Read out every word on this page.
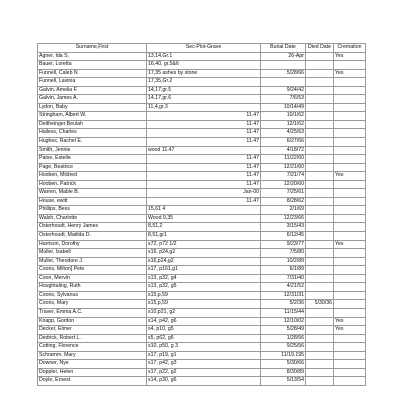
Surname,First	Sec-Plot-Grave	Burial Date	Died Date	Cremation
Agner, Ida S.	13,14,Gr.1	26-Apr		Yes
Bauer, Loretta	16,40, gr.5&6			
Funnell, Caleb N	17,35 ashes by stone	5/28/66		Yes
Funnell, Lavinia	17,35,Gr.2			
Galvin, Amelia F.	14,17,gr.5	9/24/42		
Galvin, James A.	14,17,gr.6	7/6/53		
Lydon, Baby	11,4,gr.3	10/14/49		
Stringham, Albert W.	11.47	10/1/62		
Deitheinger,Beulah	11.47	12/1/62		
Hailess, Charles	11.47	4/25/63		
Hughes, Rachel E.	11.47	6/27/66		
Smith, Jennie	wood 11.47	4/18/72		
Paine, Estelle	11.47	11/22/60		
Page, Beatrice	11.47	12/21/60		
Hooben, Mildred	11.47	7/21/74		Yes
Hooben, Patrick	11.47	12/20/60		
Warren, Mable B.	Jan-00	7/25/61		
House, ewitt	11.47	8/28/62		
Phillips, Bess	15,61 4	2/1/69		
Walsh, Charlotte	Wood 9,35	12/23/66		
Osterhoudt, Henry James	8,51,2	3/15/43		
Osterhoudt, Matilda D.	8,51,gr1	6/12/45		
Harrison, Dorothy	s72, p72 1/2	9/23/77		Yes
Muller, Isabell	s16, p24,g2	7/5/80		
Muller, Theodore J.	s16,p24,g2	10/2/89		
Coons, Milton] Pete	s17, p161,g1	6/1/89		
Coon, Mervin	s13, p32, g4	7/31/40		
Houghtaling, Ruth	s13, p32, g5	4/21/52		
Coons, Sylvanus	s15,p,59	12/31/31		
Coons, Mary	s15,p,59	5/2/36	5/30/36	
Traver, Emma A.C.	s10,p21, g2	11/15/44		
Knapp, Gordon	s14, p42, g6	12/10/02		Yes
Decker, Elmer	s4, p10, g5	5/28/49		Yes
Dedrick, Robert L.	s5, p62, g6	1/28/56		
Cotting, Florence	s10, p50, g 3	9/25/56		
Schramm, Mary	s17, p19, g1	11/19,195		
Downer, Nye	s17, p42, g3	5/30/66		
Doppler, Helen	s17, p22, g2	8/30/89		
Doyle, Ernest	s14, p30, g6	5/13/54		
